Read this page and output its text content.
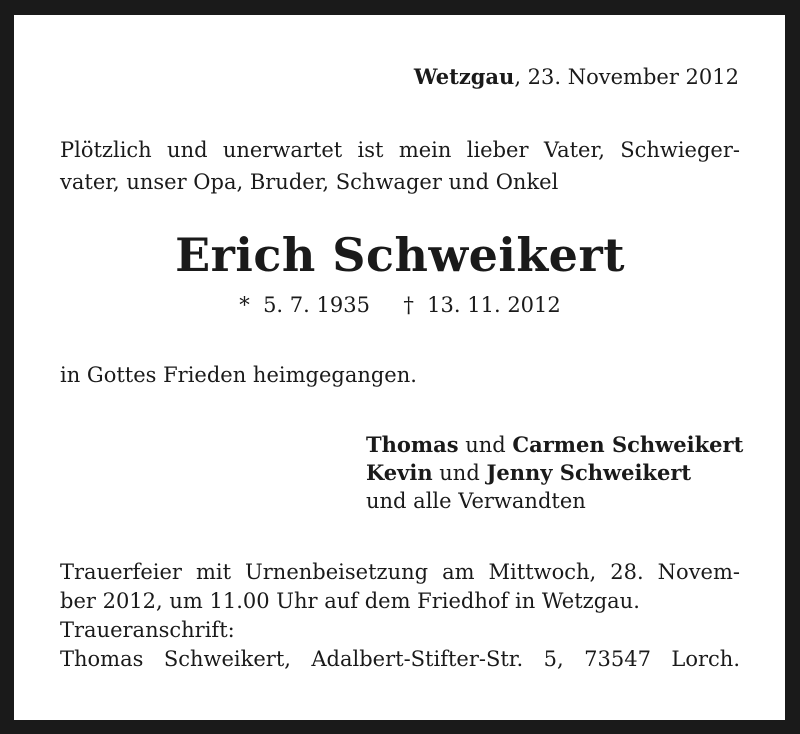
Wetzgau, 23. November 2012
Plötzlich und unerwartet ist mein lieber Vater, Schwieger-
vater, unser Opa, Bruder, Schwager und Onkel
Erich Schweikert
*  5. 7. 1935 †  13. 11. 2012
in Gottes Frieden heimgegangen.
Thomas und Carmen Schweikert
Kevin und Jenny Schweikert
und alle Verwandten
Trauerfeier mit Urnenbeisetzung am Mittwoch, 28. Novem-
ber 2012, um 11.00 Uhr auf dem Friedhof in Wetzgau.
Traueranschrift:
Thomas Schweikert, Adalbert-Stifter-Str. 5, 73547 Lorch.
